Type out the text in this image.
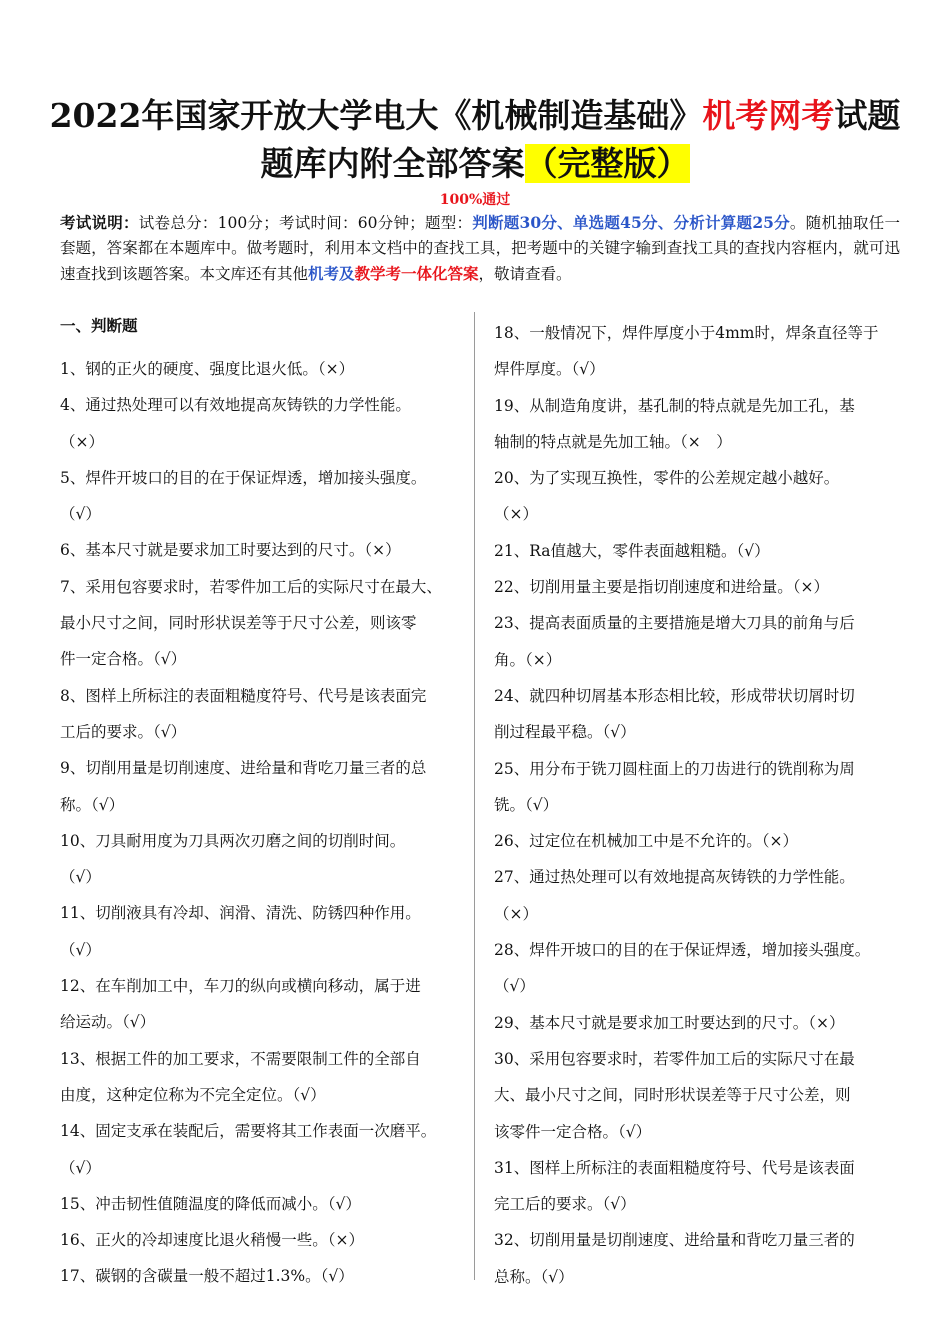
2022年国家开放大学电大《机械制造基础》机考网考试题
题库内附全部答案（完整版）
100%通过
考试说明：试卷总分：100分；考试时间：60分钟；题型：判断题30分、单选题45分、分析计算题25分。随机抽取任一套题，答案都在本题库中。做考题时，利用本文档中的查找工具，把考题中的关键字输到查找工具的查找内容框内，就可迅速查找到该题答案。本文库还有其他机考及教学考一体化答案，敬请查看。
一、判断题
1、钢的正火的硬度、强度比退火低。（×）
4、通过热处理可以有效地提高灰铸铁的力学性能。
（×）
5、焊件开坡口的目的在于保证焊透，增加接头强度。
（√）
6、基本尺寸就是要求加工时要达到的尺寸。（×）
7、采用包容要求时，若零件加工后的实际尺寸在最大、
最小尺寸之间，同时形状误差等于尺寸公差，则该零
件一定合格。（√）
8、图样上所标注的表面粗糙度符号、代号是该表面完
工后的要求。（√）
9、切削用量是切削速度、进给量和背吃刀量三者的总
称。（√）
10、刀具耐用度为刀具两次刃磨之间的切削时间。
（√）
11、切削液具有冷却、润滑、清洗、防锈四种作用。
（√）
12、在车削加工中，车刀的纵向或横向移动，属于进
给运动。（√）
13、根据工件的加工要求，不需要限制工件的全部自
由度，这种定位称为不完全定位。（√）
14、固定支承在装配后，需要将其工作表面一次磨平。
（√）
15、冲击韧性值随温度的降低而减小。（√）
16、正火的冷却速度比退火稍慢一些。（×）
17、碳钢的含碳量一般不超过1.3%。（√）
18、一般情况下，焊件厚度小于4mm时，焊条直径等于
焊件厚度。（√）
19、从制造角度讲，基孔制的特点就是先加工孔，基
轴制的特点就是先加工轴。（×　）
20、为了实现互换性，零件的公差规定越小越好。
（×）
21、Ra值越大，零件表面越粗糙。（√）
22、切削用量主要是指切削速度和进给量。（×）
23、提高表面质量的主要措施是增大刀具的前角与后
角。（×）
24、就四种切屑基本形态相比较，形成带状切屑时切
削过程最平稳。（√）
25、用分布于铣刀圆柱面上的刀齿进行的铣削称为周
铣。（√）
26、过定位在机械加工中是不允许的。（×）
27、通过热处理可以有效地提高灰铸铁的力学性能。
（×）
28、焊件开坡口的目的在于保证焊透，增加接头强度。
（√）
29、基本尺寸就是要求加工时要达到的尺寸。（×）
30、采用包容要求时，若零件加工后的实际尺寸在最
大、最小尺寸之间，同时形状误差等于尺寸公差，则
该零件一定合格。（√）
31、图样上所标注的表面粗糙度符号、代号是该表面
完工后的要求。（√）
32、切削用量是切削速度、进给量和背吃刀量三者的
总称。（√）
